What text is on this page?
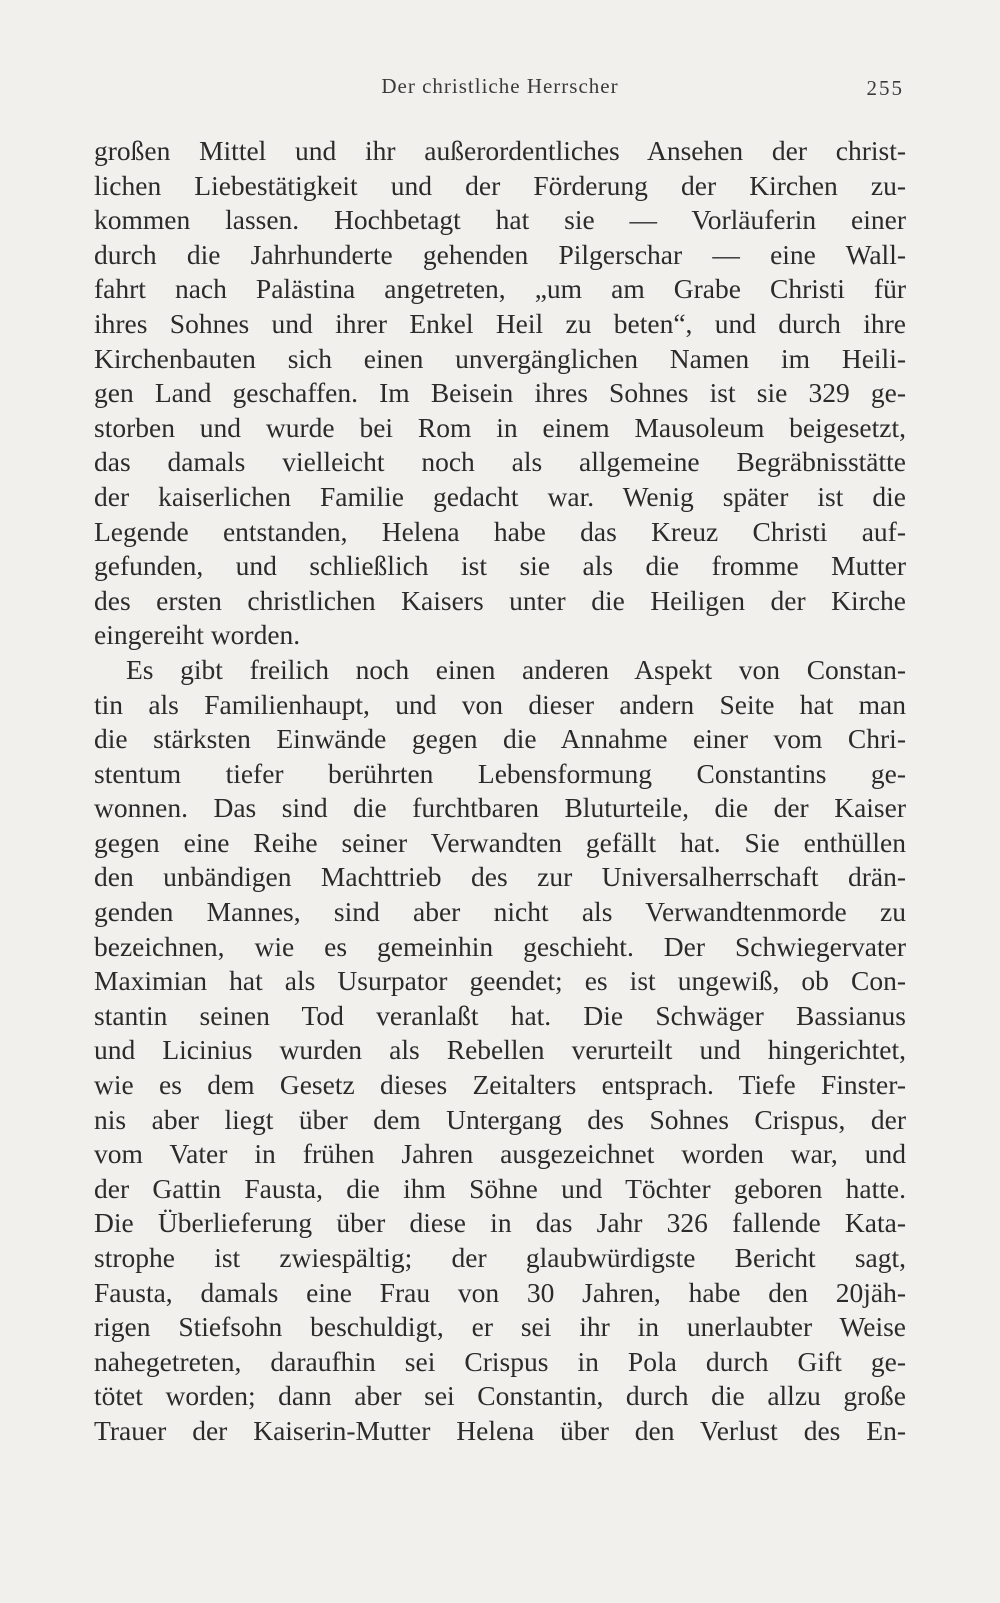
Der christliche Herrscher	255
großen Mittel und ihr außerordentliches Ansehen der christ-
lichen Liebestätigkeit und der Förderung der Kirchen zu-
kommen lassen. Hochbetagt hat sie — Vorläuferin einer
durch die Jahrhunderte gehenden Pilgerschar — eine Wall-
fahrt nach Palästina angetreten, „um am Grabe Christi für
ihres Sohnes und ihrer Enkel Heil zu beten“, und durch ihre
Kirchenbauten sich einen unvergänglichen Namen im Heili-
gen Land geschaffen. Im Beisein ihres Sohnes ist sie 329 ge-
storben und wurde bei Rom in einem Mausoleum beigesetzt,
das damals vielleicht noch als allgemeine Begräbnisstätte
der kaiserlichen Familie gedacht war. Wenig später ist die
Legende entstanden, Helena habe das Kreuz Christi auf-
gefunden, und schließlich ist sie als die fromme Mutter
des ersten christlichen Kaisers unter die Heiligen der Kirche
eingereiht worden.
Es gibt freilich noch einen anderen Aspekt von Constan-
tin als Familienhaupt, und von dieser andern Seite hat man
die stärksten Einwände gegen die Annahme einer vom Chri-
stentum tiefer berührten Lebensformung Constantins ge-
wonnen. Das sind die furchtbaren Bluturteile, die der Kaiser
gegen eine Reihe seiner Verwandten gefällt hat. Sie enthüllen
den unbändigen Machttrieb des zur Universalherrschaft drän-
genden Mannes, sind aber nicht als Verwandtenmorde zu
bezeichnen, wie es gemeinhin geschieht. Der Schwiegervater
Maximian hat als Usurpator geendet; es ist ungewiß, ob Con-
stantin seinen Tod veranlaßt hat. Die Schwäger Bassianus
und Licinius wurden als Rebellen verurteilt und hingerichtet,
wie es dem Gesetz dieses Zeitalters entsprach. Tiefe Finster-
nis aber liegt über dem Untergang des Sohnes Crispus, der
vom Vater in frühen Jahren ausgezeichnet worden war, und
der Gattin Fausta, die ihm Söhne und Töchter geboren hatte.
Die Überlieferung über diese in das Jahr 326 fallende Kata-
strophe ist zwiespältig; der glaubwürdigste Bericht sagt,
Fausta, damals eine Frau von 30 Jahren, habe den 20jäh-
rigen Stiefsohn beschuldigt, er sei ihr in unerlaubter Weise
nahegetreten, daraufhin sei Crispus in Pola durch Gift ge-
tötet worden; dann aber sei Constantin, durch die allzu große
Trauer der Kaiserin-Mutter Helena über den Verlust des En-
